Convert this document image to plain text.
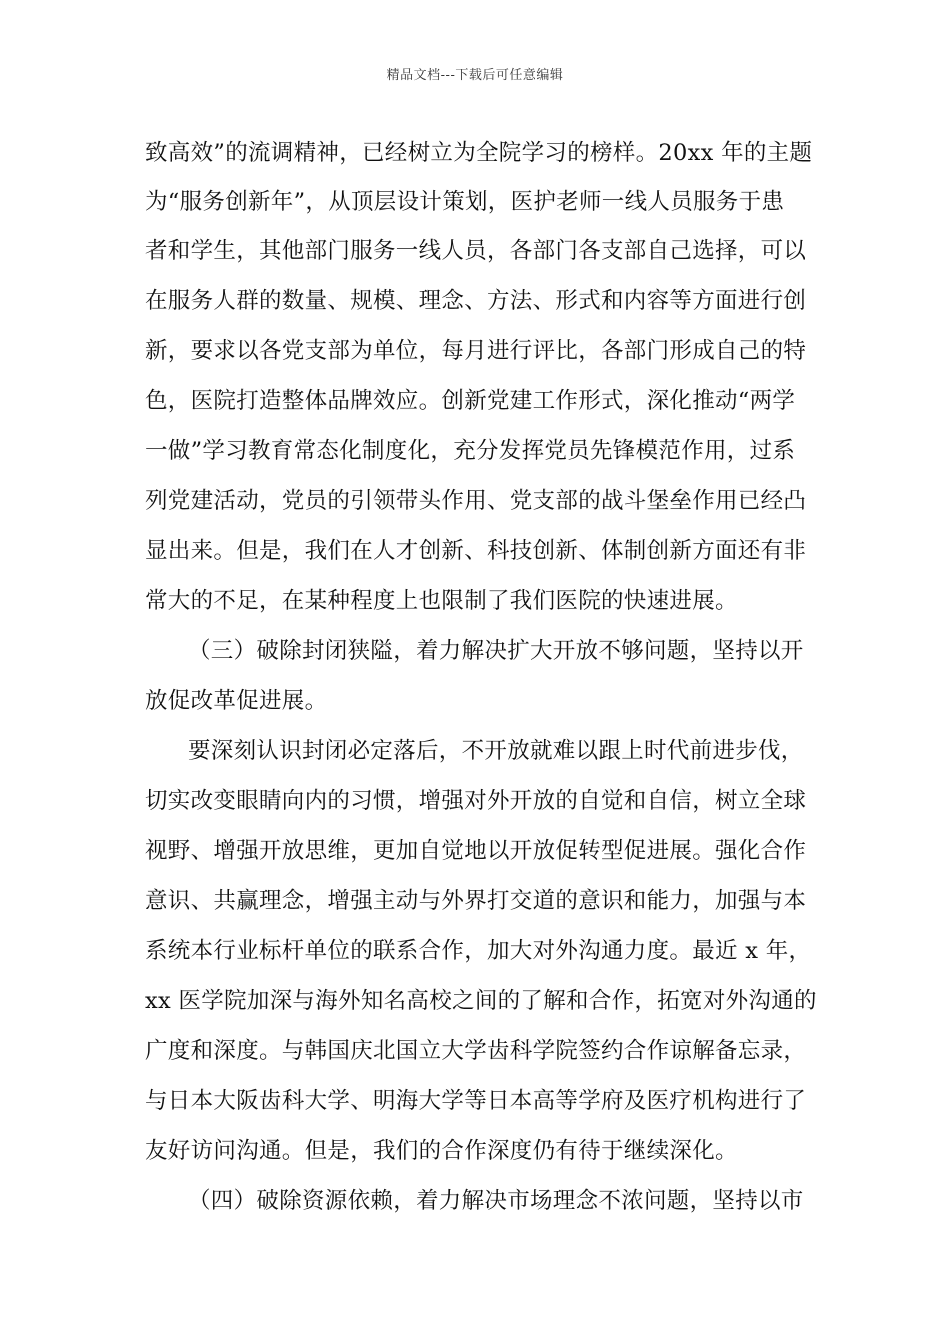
精品文档---下载后可任意编辑
致高效”的流调精神，已经树立为全院学习的榜样。20xx 年的主题
为“服务创新年”，从顶层设计策划，医护老师一线人员服务于患
者和学生，其他部门服务一线人员，各部门各支部自己选择，可以
在服务人群的数量、规模、理念、方法、形式和内容等方面进行创
新，要求以各党支部为单位，每月进行评比，各部门形成自己的特
色，医院打造整体品牌效应。创新党建工作形式，深化推动“两学
一做”学习教育常态化制度化，充分发挥党员先锋模范作用，过系
列党建活动，党员的引领带头作用、党支部的战斗堡垒作用已经凸
显出来。但是，我们在人才创新、科技创新、体制创新方面还有非
常大的不足，在某种程度上也限制了我们医院的快速进展。
（三）破除封闭狭隘，着力解决扩大开放不够问题，坚持以开
放促改革促进展。
要深刻认识封闭必定落后，不开放就难以跟上时代前进步伐，
切实改变眼睛向内的习惯，增强对外开放的自觉和自信，树立全球
视野、增强开放思维，更加自觉地以开放促转型促进展。强化合作
意识、共赢理念，增强主动与外界打交道的意识和能力，加强与本
系统本行业标杆单位的联系合作，加大对外沟通力度。最近 x 年，
xx 医学院加深与海外知名高校之间的了解和合作，拓宽对外沟通的
广度和深度。与韩国庆北国立大学齿科学院签约合作谅解备忘录，
与日本大阪齿科大学、明海大学等日本高等学府及医疗机构进行了
友好访问沟通。但是，我们的合作深度仍有待于继续深化。
（四）破除资源依赖，着力解决市场理念不浓问题，坚持以市
